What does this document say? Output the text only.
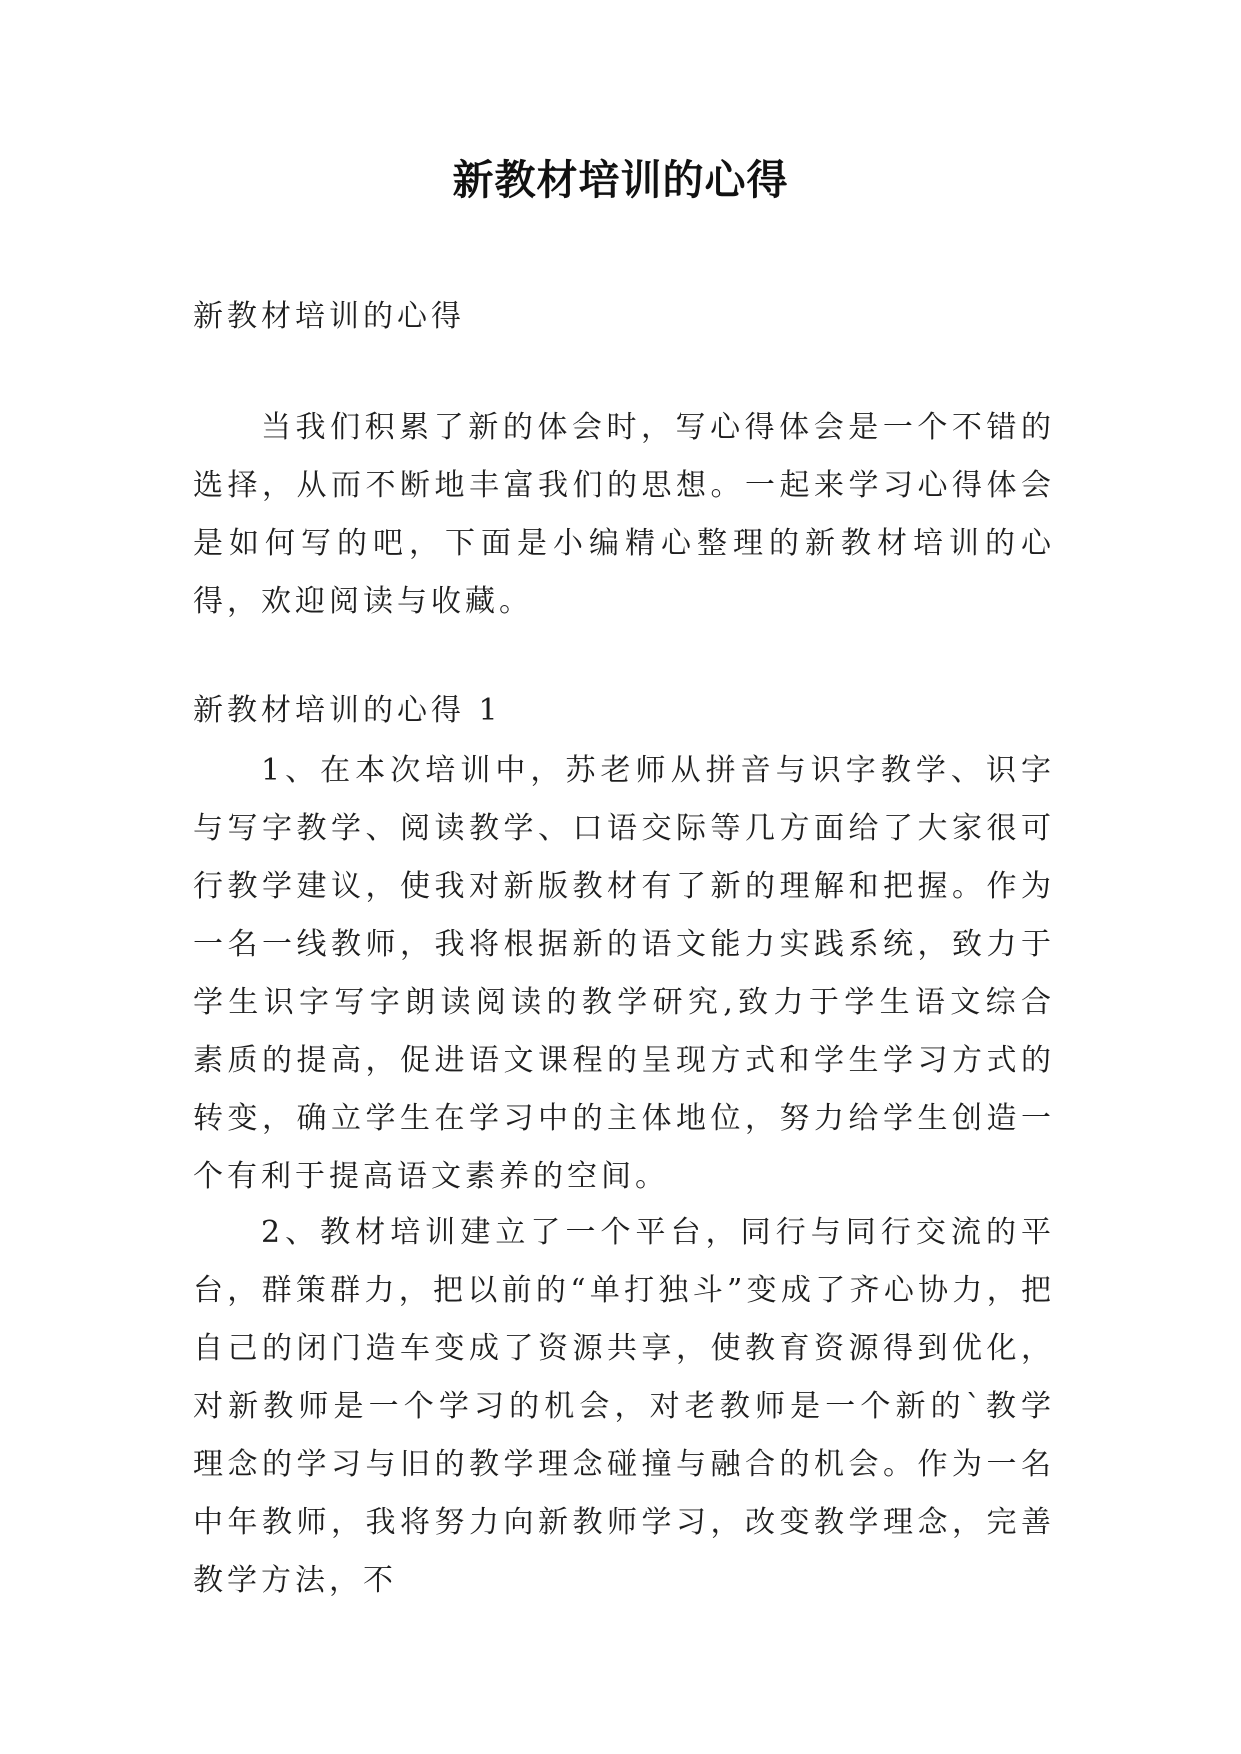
新教材培训的心得

新教材培训的心得

当我们积累了新的体会时，写心得体会是一个不错的选择，从而不断地丰富我们的思想。一起来学习心得体会是如何写的吧，下面是小编精心整理的新教材培训的心得，欢迎阅读与收藏。

新教材培训的心得 1

1、在本次培训中，苏老师从拼音与识字教学、识字与写字教学、阅读教学、口语交际等几方面给了大家很可行教学建议，使我对新版教材有了新的理解和把握。作为一名一线教师，我将根据新的语文能力实践系统，致力于学生识字写字朗读阅读的教学研究,致力于学生语文综合素质的提高，促进语文课程的呈现方式和学生学习方式的转变，确立学生在学习中的主体地位，努力给学生创造一个有利于提高语文素养的空间。

2、教材培训建立了一个平台，同行与同行交流的平台，群策群力，把以前的“单打独斗”变成了齐心协力，把自己的闭门造车变成了资源共享，使教育资源得到优化，对新教师是一个学习的机会，对老教师是一个新的`教学理念的学习与旧的教学理念碰撞与融合的机会。作为一名中年教师，我将努力向新教师学习，改变教学理念，完善教学方法，不
